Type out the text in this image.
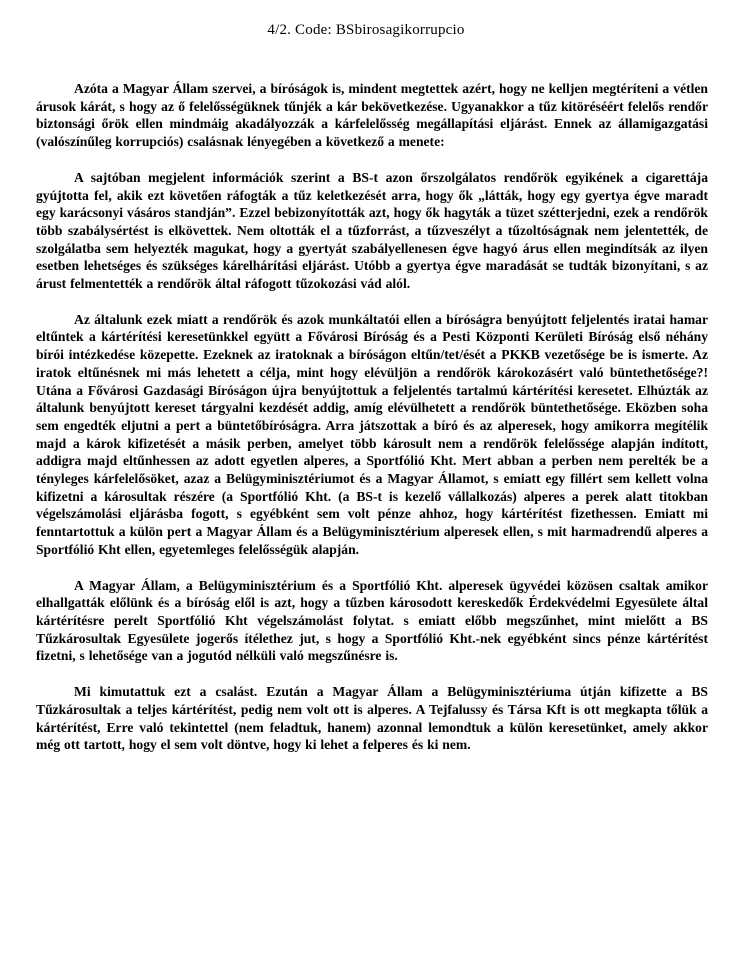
4/2. Code: BSbirosagikorrupcio

Azóta a Magyar Állam szervei, a bíróságok is, mindent megtettek azért, hogy ne kelljen megtéríteni a vétlen árusok kárát, s hogy az ő felelősségüknek tűnjék a kár bekövetkezése. Ugyanakkor a tűz kitöréséért felelős rendőr biztonsági őrök ellen mindmáig akadályozzák a kárfelelősség megállapítási eljárást. Ennek az államigazgatási (valószínűleg korrupciós) csalásnak lényegében a következő a menete:

A sajtóban megjelent információk szerint a BS-t azon őrszolgálatos rendőrök egyikének a cigarettája gyújtotta fel, akik ezt követően ráfogták a tűz keletkezését arra, hogy ők „látták, hogy egy gyertya égve maradt egy karácsonyi vásáros standján”. Ezzel bebizonyították azt, hogy ők hagyták a tüzet szétterjedni, ezek a rendőrök több szabálysértést is elkövettek. Nem oltották el a tűzforrást, a tűzveszélyt a tűzoltóságnak nem jelentették, de szolgálatba sem helyezték magukat, hogy a gyertyát szabályellenesen égve hagyó árus ellen megindítsák az ilyen esetben lehetséges és szükséges kárelhárítási eljárást. Utóbb a gyertya égve maradását se tudták bizonyítani, s az árust felmentették a rendőrök által ráfogott tűzokozási vád alól.

Az általunk ezek miatt a rendőrök és azok munkáltatói ellen a bíróságra benyújtott feljelentés iratai hamar eltűntek a kártérítési keresetünkkel együtt a Fővárosi Bíróság és a Pesti Központi Kerületi Bíróság első néhány bírói intézkedése közepette. Ezeknek az iratoknak a bíróságon eltűn/tet/ését a PKKB vezetősége be is ismerte. Az iratok eltűnésnek mi más lehetett a célja, mint hogy elévüljön a rendőrök károkozásért való büntethetősége?! Utána a Fővárosi Gazdasági Bíróságon újra benyújtottuk a feljelentés tartalmú kártérítési keresetet. Elhúzták az általunk benyújtott kereset tárgyalni kezdését addig, amíg elévülhetett a rendőrök büntethetősége. Eközben soha sem engedték eljutni a pert a büntetőbíróságra. Arra játszottak a bíró és az alperesek, hogy amikorra megítélik majd a károk kifizetését a másik perben, amelyet több károsult nem a rendőrök felelőssége alapján indított, addigra majd eltűnhessen az adott egyetlen alperes, a Sportfólió Kht. Mert abban a perben nem perelték be a tényleges kárfelelősöket, azaz a Belügyminisztériumot és a Magyar Államot, s emiatt egy fillért sem kellett volna kifizetni a károsultak részére (a Sportfólió Kht. (a BS-t is kezelő vállalkozás) alperes a perek alatt titokban végelszámolási eljárásba fogott, s egyébként sem volt pénze ahhoz, hogy kártérítést fizethessen. Emiatt mi fenntartottuk a külön pert a Magyar Állam és a Belügyminisztérium alperesek ellen, s mit harmadrendű alperes a Sportfólió Kht ellen, egyetemleges felelősségük alapján.

A Magyar Állam, a Belügyminisztérium és a Sportfólió Kht. alperesek ügyvédei közösen csaltak amikor elhallgatták előlünk és a bíróság elől is azt, hogy a tűzben károsodott kereskedők Érdekvédelmi Egyesülete által kártérítésre perelt Sportfólió Kht végelszámolást folytat. s emiatt előbb megszűnhet, mint mielőtt a BS Tűzkárosultak Egyesülete jogerős ítélethez jut, s hogy a Sportfólió Kht.-nek egyébként sincs pénze kártérítést fizetni, s lehetősége van a jogutód nélküli való megszűnésre is.

Mi kimutattuk ezt a csalást. Ezután a Magyar Állam a Belügyminisztériuma útján kifizette a BS Tűzkárosultak a teljes kártérítést, pedig nem volt ott is alperes. A Tejfalussy és Társa Kft is ott megkapta tőlük a kártérítést, Erre való tekintettel (nem feladtuk, hanem) azonnal lemondtuk a külön keresetünket, amely akkor még ott tartott, hogy el sem volt döntve, hogy ki lehet a felperes és ki nem.
